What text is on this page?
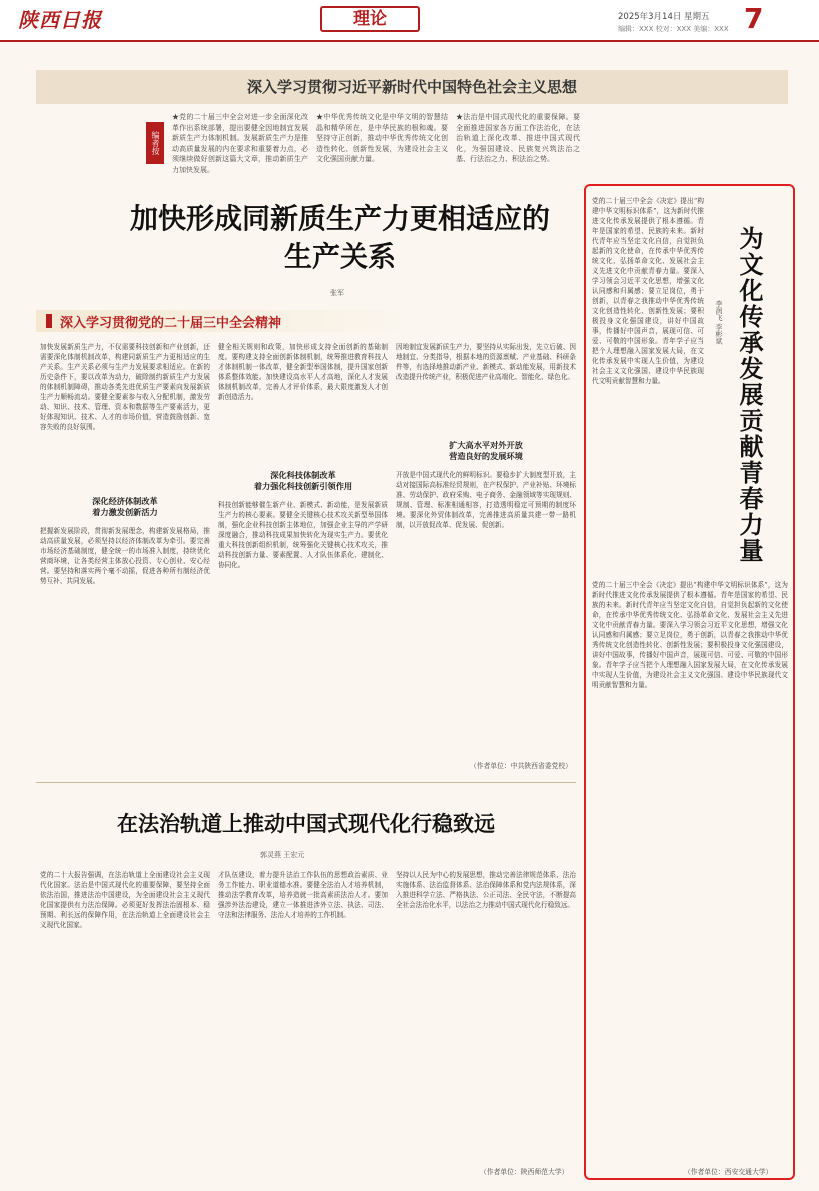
陕西日报	理论	2025年3月14日 星期五
编辑：XXX 校对：XXX 美编：XXX 7
深入学习贯彻习近平新时代中国特色社会主义思想
编者按
★党的二十届三中全会对进一步全面深化改革作出系统部署，提出要健全因地制宜发展新质生产力体制机制。发展新质生产力是推动高质量发展的内在要求和重要着力点，必须继续做好创新这篇大文章，推动新质生产力加快发展。
★中华优秀传统文化是中华文明的智慧结晶和精华所在，是中华民族的根和魂。要坚持守正创新，推动中华优秀传统文化创造性转化、创新性发展，为建设社会主义文化强国贡献力量。
★法治是中国式现代化的重要保障。要全面推进国家各方面工作法治化，在法治轨道上深化改革、推进中国式现代化，为强国建设、民族复兴筑法治之基、行法治之力、积法治之势。
加快形成同新质生产力更相适应的生产关系
张军
深入学习贯彻党的二十届三中全会精神
加快发展新质生产力，不仅需要科技创新和产业创新，还需要深化体制机制改革，构建同新质生产力更相适应的生产关系。生产关系必须与生产力发展要求相适应。在新的历史条件下，要以改革为动力，破除制约新质生产力发展的体制机制障碍，推动各类先进优质生产要素向发展新质生产力顺畅流动。要健全要素参与收入分配机制，激发劳动、知识、技术、管理、资本和数据等生产要素活力，更好体现知识、技术、人才的市场价值，营造鼓励创新、宽容失败的良好氛围。
深化经济体制改革
着力激发创新活力
把握新发展阶段，贯彻新发展理念，构建新发展格局，推动高质量发展，必须坚持以经济体制改革为牵引。要完善市场经济基础制度，健全统一的市场准入制度，持续优化营商环境，让各类经营主体放心投资、专心创业、安心经营。要坚持和落实两个毫不动摇，促进各种所有制经济优势互补、共同发展。
健全相关规则和政策，加快形成支持全面创新的基础制度。要构建支持全面创新体制机制，统筹推进教育科技人才体制机制一体改革，健全新型举国体制，提升国家创新体系整体效能。加快建设高水平人才高地，深化人才发展体制机制改革，完善人才评价体系，最大限度激发人才创新创造活力。
深化科技体制改革
着力强化科技创新引领作用
科技创新能够催生新产业、新模式、新动能，是发展新质生产力的核心要素。要健全关键核心技术攻关新型举国体制，强化企业科技创新主体地位，加强企业主导的产学研深度融合，推动科技成果加快转化为现实生产力。要优化重大科技创新组织机制，统筹强化关键核心技术攻关，推动科技创新力量、要素配置、人才队伍体系化、建制化、协同化。
因地制宜发展新质生产力，要坚持从实际出发，先立后破、因地制宜、分类指导，根据本地的资源禀赋、产业基础、科研条件等，有选择地推动新产业、新模式、新动能发展，用新技术改造提升传统产业，积极促进产业高端化、智能化、绿色化。
扩大高水平对外开放
营造良好的发展环境
开放是中国式现代化的鲜明标识。要稳步扩大制度型开放，主动对接国际高标准经贸规则，在产权保护、产业补贴、环境标准、劳动保护、政府采购、电子商务、金融领域等实现规则、规制、管理、标准相通相容，打造透明稳定可预期的制度环境。要深化外贸体制改革，完善推进高质量共建一带一路机制，以开放促改革、促发展、促创新。
（作者单位：中共陕西省委党校）
在法治轨道上推动中国式现代化行稳致远
郭灵燕 王宏元
党的二十大报告强调，在法治轨道上全面建设社会主义现代化国家。法治是中国式现代化的重要保障，要坚持全面依法治国，推进法治中国建设，为全面建设社会主义现代化国家提供有力法治保障。必须更好发挥法治固根本、稳预期、利长远的保障作用，在法治轨道上全面建设社会主义现代化国家。
才队伍建设，着力提升法治工作队伍的思想政治素质、业务工作能力、职业道德水准。要健全法治人才培养机制，推动法学教育改革，培养造就一批高素质法治人才。要加强涉外法治建设，建立一体推进涉外立法、执法、司法、守法和法律服务、法治人才培养的工作机制。
坚持以人民为中心的发展思想，推动完善法律规范体系、法治实施体系、法治监督体系、法治保障体系和党内法规体系，深入推进科学立法、严格执法、公正司法、全民守法，不断提高全社会法治化水平，以法治之力推动中国式现代化行稳致远。
（作者单位：陕西师范大学）
为文化传承发展贡献青春力量
李润飞 李彬斌
党的二十届三中全会《决定》提出“构建中华文明标识体系”，这为新时代推进文化传承发展提供了根本遵循。青年是国家的希望、民族的未来。新时代青年应当坚定文化自信，自觉担负起新的文化使命，在传承中华优秀传统文化、弘扬革命文化、发展社会主义先进文化中贡献青春力量。要深入学习领会习近平文化思想，增强文化认同感和归属感；要立足岗位，勇于创新，以青春之我推动中华优秀传统文化创造性转化、创新性发展；要积极投身文化强国建设，讲好中国故事，传播好中国声音，展现可信、可爱、可敬的中国形象。青年学子应当把个人理想融入国家发展大局，在文化传承发展中实现人生价值，为建设社会主义文化强国、建设中华民族现代文明贡献智慧和力量。
党的二十届三中全会《决定》提出“构建中华文明标识体系”，这为新时代推进文化传承发展提供了根本遵循。青年是国家的希望、民族的未来。新时代青年应当坚定文化自信，自觉担负起新的文化使命，在传承中华优秀传统文化、弘扬革命文化、发展社会主义先进文化中贡献青春力量。要深入学习领会习近平文化思想，增强文化认同感和归属感；要立足岗位，勇于创新，以青春之我推动中华优秀传统文化创造性转化、创新性发展；要积极投身文化强国建设，讲好中国故事，传播好中国声音，展现可信、可爱、可敬的中国形象。青年学子应当把个人理想融入国家发展大局，在文化传承发展中实现人生价值，为建设社会主义文化强国、建设中华民族现代文明贡献智慧和力量。
（作者单位：西安交通大学）
